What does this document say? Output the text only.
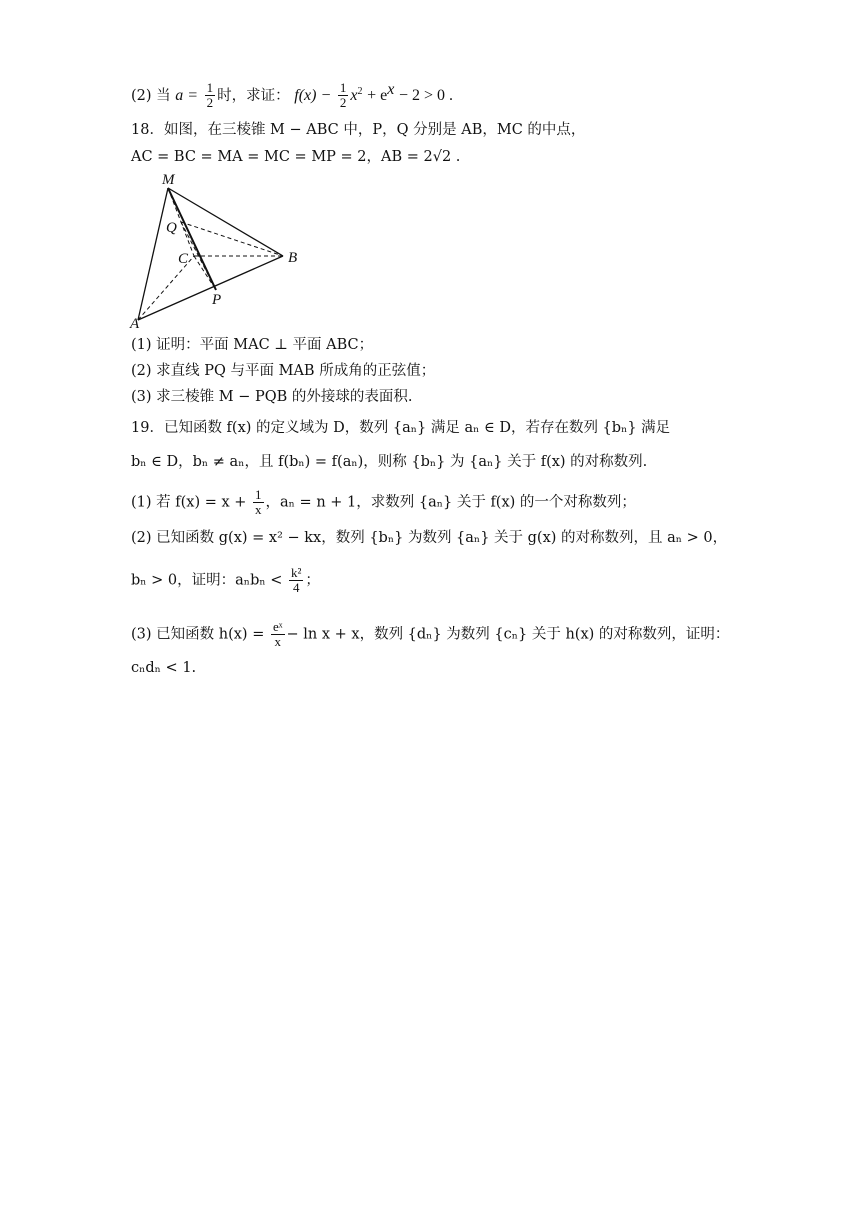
(2) 当 $a = \frac{1}{2}$ 时，求证： $f(x) - \frac{1}{2} x^2 + e^x - 2 > 0$ .
18．如图，在三棱锥 M − ABC 中，P，Q 分别是 AB，MC 的中点，
AC = BC = MA = MC = MP = 2，AB = 2√2 .
M
Q
C	B
P
A
(1) 证明：平面 MAC ⊥ 平面 ABC；
(2) 求直线 PQ 与平面 MAB 所成角的正弦值；
(3) 求三棱锥 M − PQB 的外接球的表面积.
19．已知函数 f(x) 的定义域为 D，数列 {aₙ} 满足 aₙ ∈ D，若存在数列 {bₙ} 满足
bₙ ∈ D，bₙ ≠ aₙ，且 f(bₙ) = f(aₙ)，则称 {bₙ} 为 {aₙ} 关于 f(x) 的对称数列.
(1) 若 $f(x) = x + \frac{1}{x}$ ，aₙ = n + 1，求数列 {aₙ} 关于 f(x) 的一个对称数列；
(2) 已知函数 g(x) = x² − kx，数列 {bₙ} 为数列 {aₙ} 关于 g(x) 的对称数列，且 aₙ > 0，
bₙ > 0，证明：$a_nb_n < \frac{\text{k²}}{4}$ ；
(3) 已知函数 $h(x) = \frac{\text{eˣ}}{x} - \ln x + x$，数列 {dₙ} 为数列 {cₙ} 关于 h(x) 的对称数列，证明：
cₙdₙ < 1.
